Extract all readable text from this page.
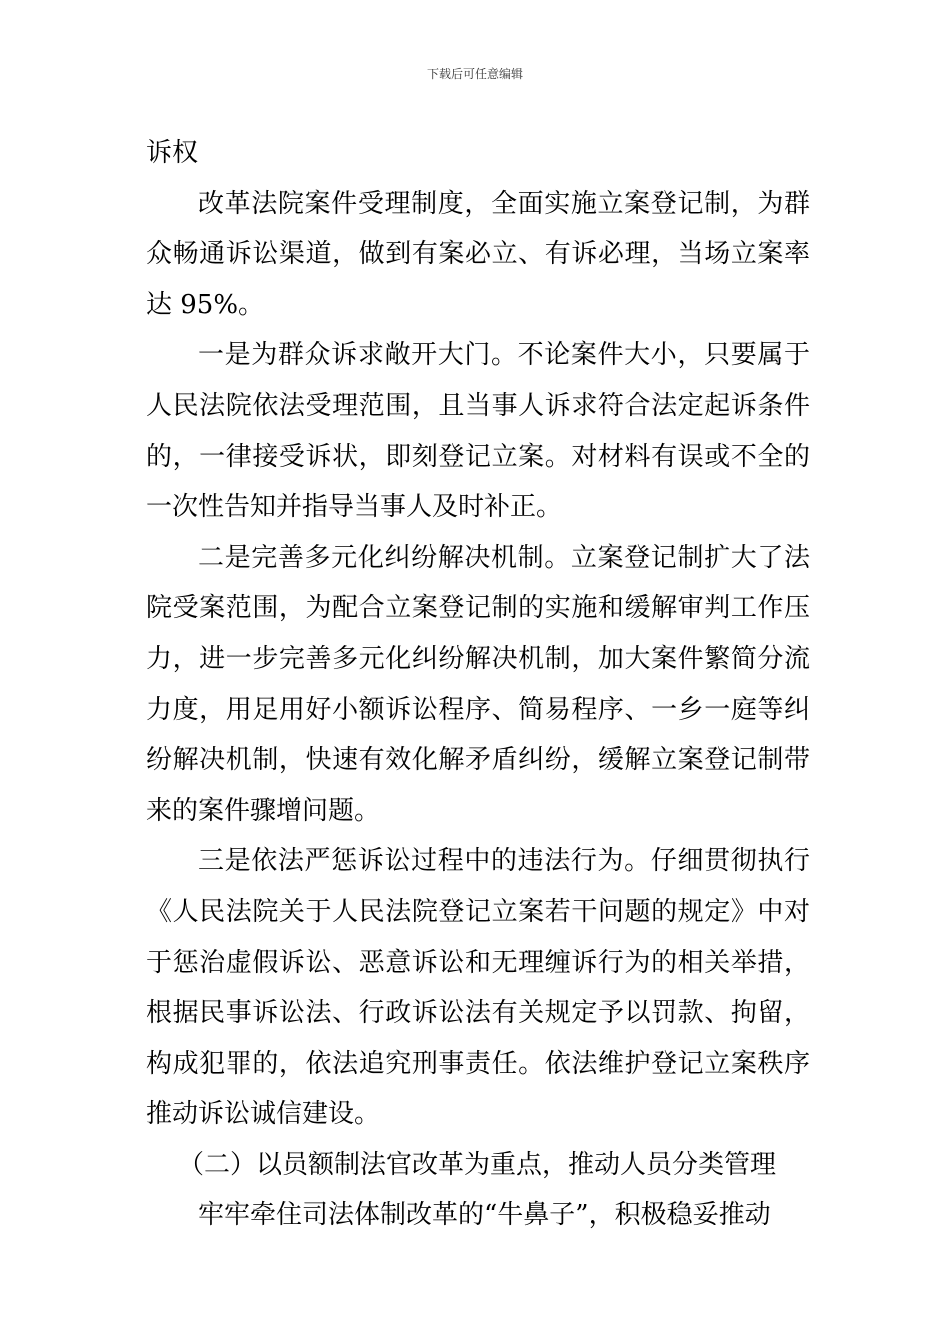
下载后可任意编辑

诉权

改革法院案件受理制度，全面实施立案登记制，为群众畅通诉讼渠道，做到有案必立、有诉必理，当场立案率达 95%。

一是为群众诉求敞开大门。不论案件大小，只要属于人民法院依法受理范围，且当事人诉求符合法定起诉条件的，一律接受诉状，即刻登记立案。对材料有误或不全的一次性告知并指导当事人及时补正。

二是完善多元化纠纷解决机制。立案登记制扩大了法院受案范围，为配合立案登记制的实施和缓解审判工作压力，进一步完善多元化纠纷解决机制，加大案件繁简分流力度，用足用好小额诉讼程序、简易程序、一乡一庭等纠纷解决机制，快速有效化解矛盾纠纷，缓解立案登记制带来的案件骤增问题。

三是依法严惩诉讼过程中的违法行为。仔细贯彻执行《人民法院关于人民法院登记立案若干问题的规定》中对于惩治虚假诉讼、恶意诉讼和无理缠诉行为的相关举措，根据民事诉讼法、行政诉讼法有关规定予以罚款、拘留，构成犯罪的，依法追究刑事责任。依法维护登记立案秩序推动诉讼诚信建设。

（二）以员额制法官改革为重点，推动人员分类管理

牢牢牵住司法体制改革的“牛鼻子”，积极稳妥推动
